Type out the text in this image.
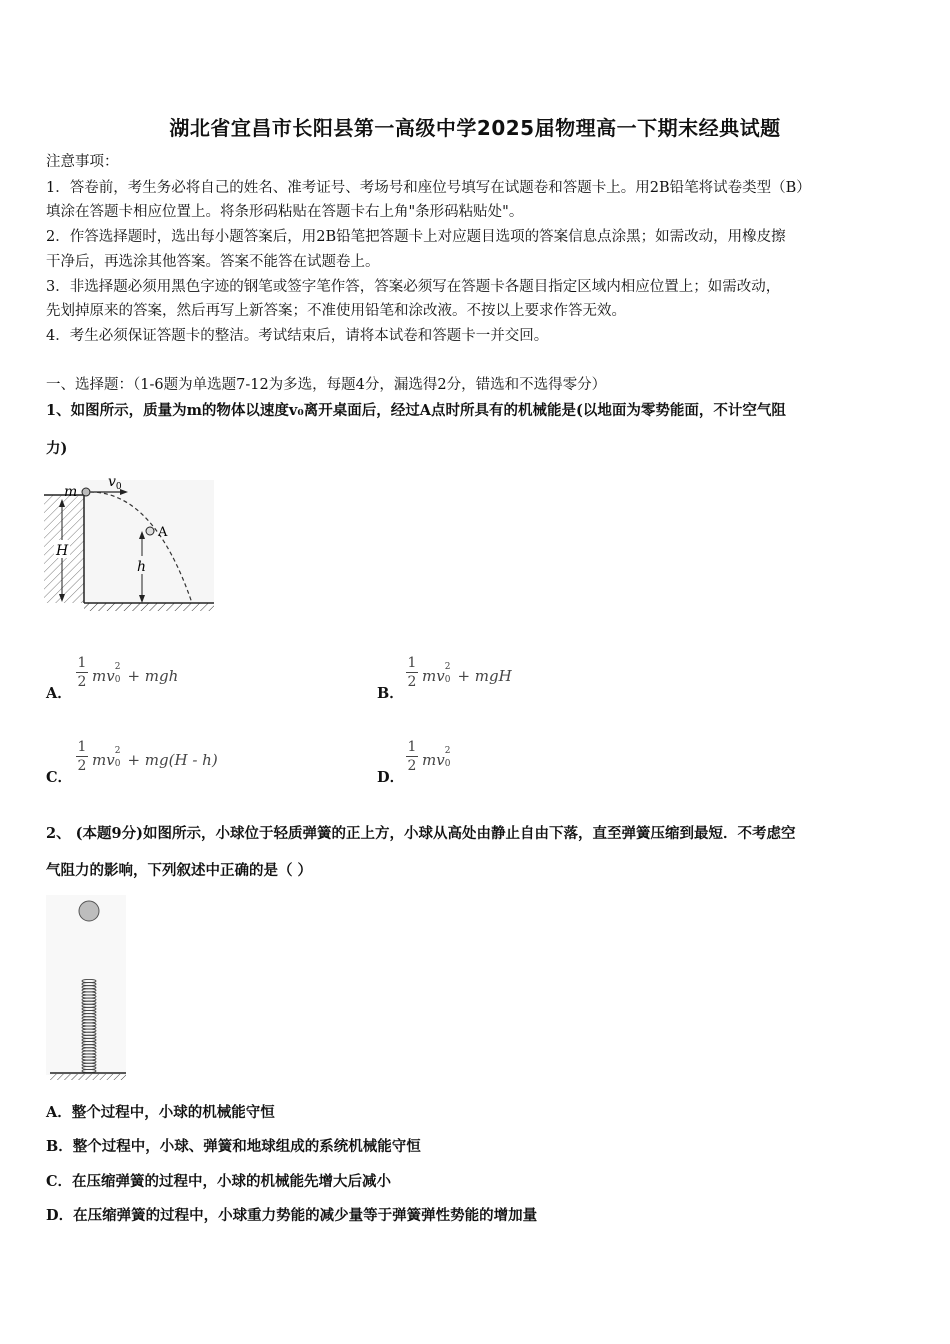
湖北省宜昌市长阳县第一高级中学2025届物理高一下期末经典试题
注意事项：
1．答卷前，考生务必将自己的姓名、准考证号、考场号和座位号填写在试题卷和答题卡上。用2B铅笔将试卷类型（B）
填涂在答题卡相应位置上。将条形码粘贴在答题卡右上角"条形码粘贴处"。
2．作答选择题时，选出每小题答案后，用2B铅笔把答题卡上对应题目选项的答案信息点涂黑；如需改动，用橡皮擦
干净后，再选涂其他答案。答案不能答在试题卷上。
3．非选择题必须用黑色字迹的钢笔或签字笔作答，答案必须写在答题卡各题目指定区域内相应位置上；如需改动，
先划掉原来的答案，然后再写上新答案；不准使用铅笔和涂改液。不按以上要求作答无效。
4．考生必须保证答题卡的整洁。考试结束后，请将本试卷和答题卡一并交回。
一、选择题：（1-6题为单选题7-12为多选，每题4分，漏选得2分，错选和不选得零分）
1、如图所示，质量为m的物体以速度v₀离开桌面后，经过A点时所具有的机械能是(以地面为零势能面，不计空气阻
力)
H
m
$v_0$
A
h
A．
1
2 mv 2
0 + mgh
B．
1
2 mv 2
0 + mgH
C．
1
2 mv 2
0 + mg(H - h)
D．
1
2 mv 2
0
2、 (本题9分)如图所示，小球位于轻质弹簧的正上方，小球从高处由静止自由下落，直至弹簧压缩到最短．不考虑空
气阻力的影响，下列叙述中正确的是（ ）
A．整个过程中，小球的机械能守恒
B．整个过程中，小球、弹簧和地球组成的系统机械能守恒
C．在压缩弹簧的过程中，小球的机械能先增大后减小
D．在压缩弹簧的过程中，小球重力势能的减少量等于弹簧弹性势能的增加量
